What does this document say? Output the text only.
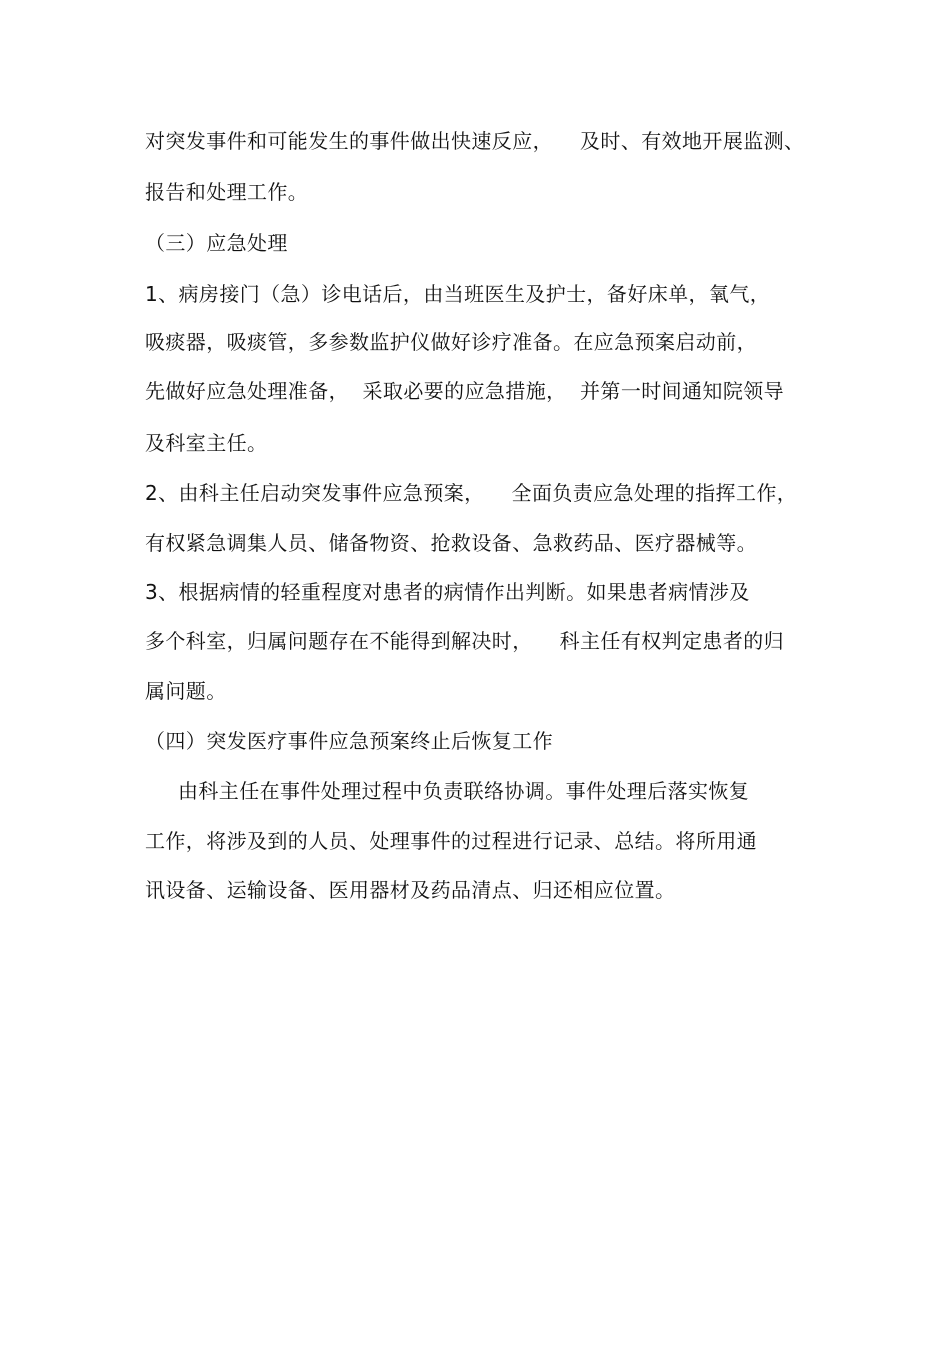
对突发事件和可能发生的事件做出快速反应，    及时、有效地开展监测、
报告和处理工作。
（三）应急处理
1、病房接门（急）诊电话后，由当班医生及护士，备好床单，氧气，
吸痰器，吸痰管，多参数监护仪做好诊疗准备。在应急预案启动前，
先做好应急处理准备，  采取必要的应急措施，  并第一时间通知院领导
及科室主任。
2、由科主任启动突发事件应急预案，    全面负责应急处理的指挥工作，
有权紧急调集人员、储备物资、抢救设备、急救药品、医疗器械等。
3、根据病情的轻重程度对患者的病情作出判断。如果患者病情涉及
多个科室，归属问题存在不能得到解决时，    科主任有权判定患者的归
属问题。
（四）突发医疗事件应急预案终止后恢复工作
由科主任在事件处理过程中负责联络协调。事件处理后落实恢复
工作，将涉及到的人员、处理事件的过程进行记录、总结。将所用通
讯设备、运输设备、医用器材及药品清点、归还相应位置。
